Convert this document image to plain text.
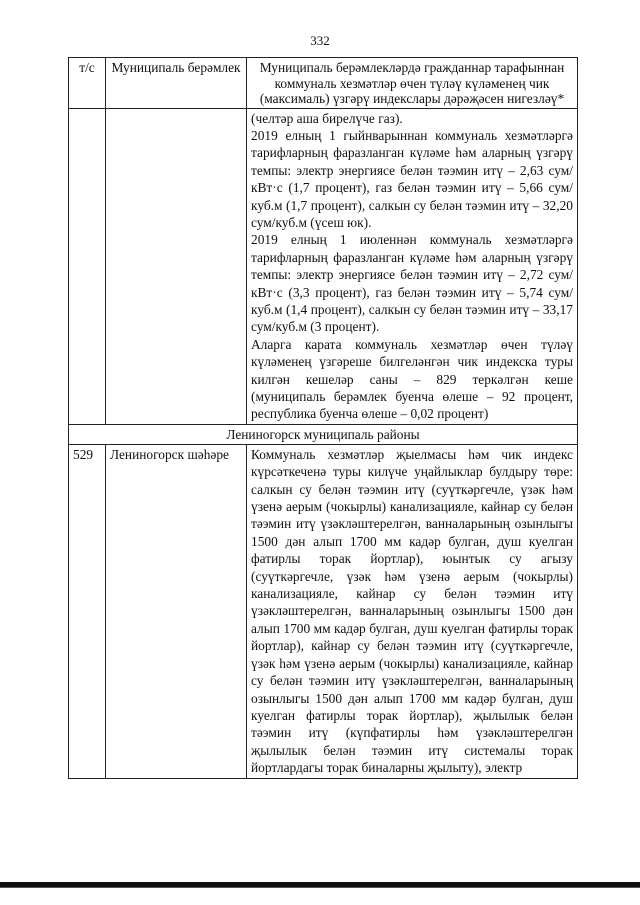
332
т/с	Муниципаль берәмлек	Муниципаль берәмлекләрдә гражданнар тарафыннан коммуналь хезмәтләр өчен түләү күләменең чик (максималь) үзгәрү индекслары дәрәҗәсен нигезләү*

		(челтәр аша бирелүче газ).

2019 елның 1 гыйнварыннан коммуналь хезмәтләргә тарифларның фаразланган күләме һәм аларның үзгәрү темпы: электр энергиясе белән тәэмин итү – 2,63 сум/кВт·с (1,7 процент), газ белән тәэмин итү – 5,66 сум/куб.м (1,7 процент), салкын су белән тәэмин итү – 32,20 сум/куб.м (үсеш юк).

2019 елның 1 июленнән коммуналь хезмәтләргә тарифларның фаразланган күләме һәм аларның үзгәрү темпы: электр энергиясе белән тәэмин итү – 2,72 сум/кВт·с (3,3 процент), газ белән тәэмин итү – 5,74 сум/куб.м (1,4 процент), салкын су белән тәэмин итү – 33,17 сум/куб.м (3 процент).

Аларга карата коммуналь хезмәтләр өчен түләү күләменең үзгәреше билгеләнгән чик индекска туры килгән кешеләр саны – 829 теркәлгән кеше (муниципаль берәмлек буенча өлеше – 92 процент, республика буенча өлеше – 0,02 процент)

Лениногорск муниципаль районы		
529	Лениногорск шәһәре	Коммуналь хезмәтләр җыелмасы һәм чик индекс күрсәткеченә туры килүче уңайлыклар булдыру төре: салкын су белән тәэмин итү (суүткәргечле, үзәк һәм үзенә аерым (чокырлы) канализацияле, кайнар су белән тәэмин итү үзәкләштерелгән, ванналарының озынлыгы 1500 дән алып 1700 мм кадәр булган, душ куелган фатирлы торак йортлар), юынтык су агызу (суүткәргечле, үзәк һәм үзенә аерым (чокырлы) канализацияле, кайнар су белән тәэмин итү үзәкләштерелгән, ванналарының озынлыгы 1500 дән алып 1700 мм кадәр булган, душ куелган фатирлы торак йортлар), кайнар су белән тәэмин итү (суүткәргечле, үзәк һәм үзенә аерым (чокырлы) канализацияле, кайнар су белән тәэмин итү үзәкләштерелгән, ванналарының озынлыгы 1500 дән алып 1700 мм кадәр булган, душ куелган фатирлы торак йортлар), җылылык белән тәэмин итү (күпфатирлы һәм үзәкләштерелгән җылылык белән тәэмин итү системалы торак йортлардагы торак биналарны җылыту), электр
